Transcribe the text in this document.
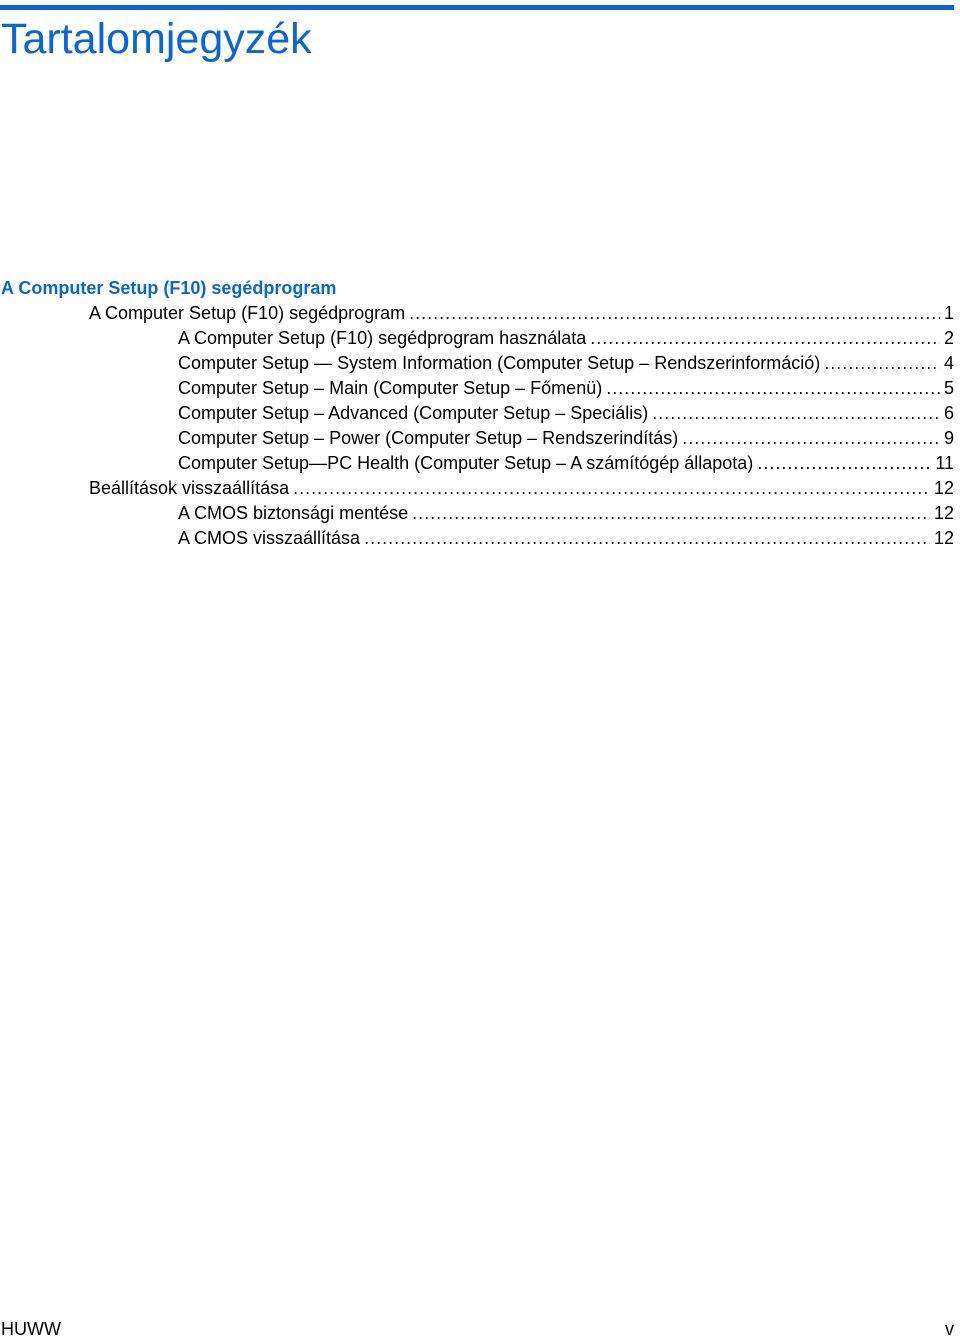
Tartalomjegyzék
A Computer Setup (F10) segédprogram
A Computer Setup (F10) segédprogram .....	1
A Computer Setup (F10) segédprogram használata .....	2
Computer Setup — System Information (Computer Setup – Rendszerinformáció) .....	4
Computer Setup – Main (Computer Setup – Főmenü) .....	5
Computer Setup – Advanced (Computer Setup – Speciális) .....	6
Computer Setup – Power (Computer Setup – Rendszerindítás) .....	9
Computer Setup—PC Health (Computer Setup – A számítógép állapota) .....	11
Beállítások visszaállítása .....	12
A CMOS biztonsági mentése .....	12
A CMOS visszaállítása .....	12
HUWW	v
